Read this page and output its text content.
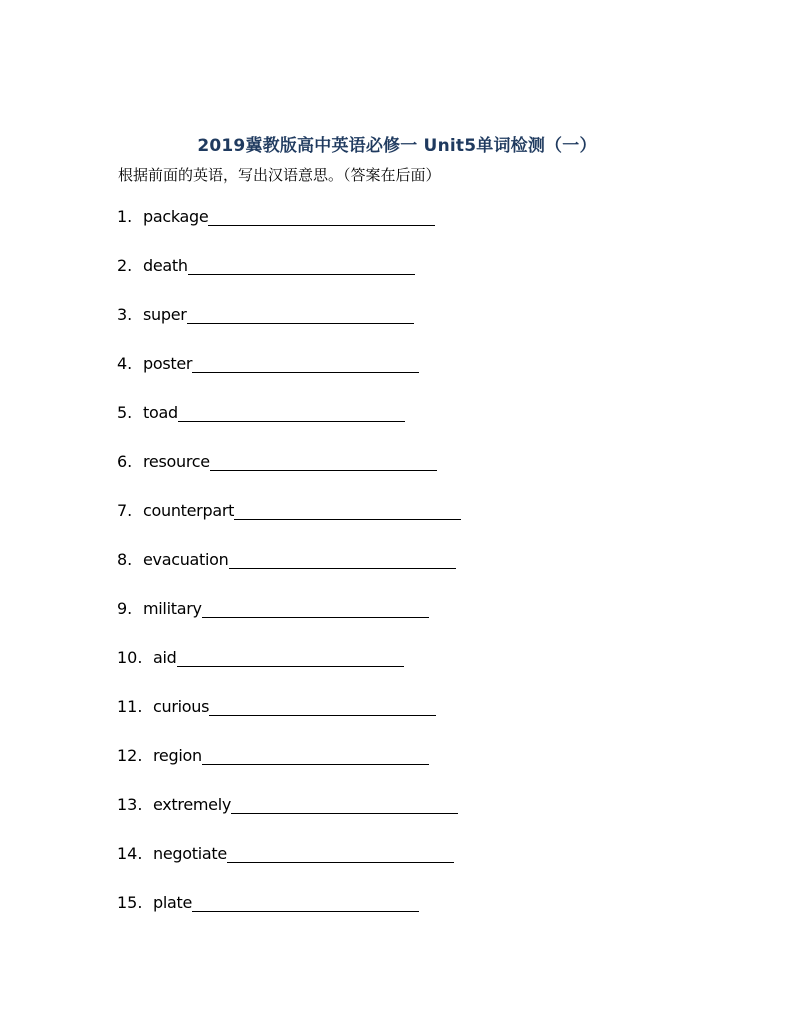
2019冀教版高中英语必修一 Unit5单词检测（一）
根据前面的英语，写出汉语意思。（答案在后面）
1. package
2. death
3. super
4. poster
5. toad
6. resource
7. counterpart
8. evacuation
9. military
10. aid
11. curious
12. region
13. extremely
14. negotiate
15. plate
